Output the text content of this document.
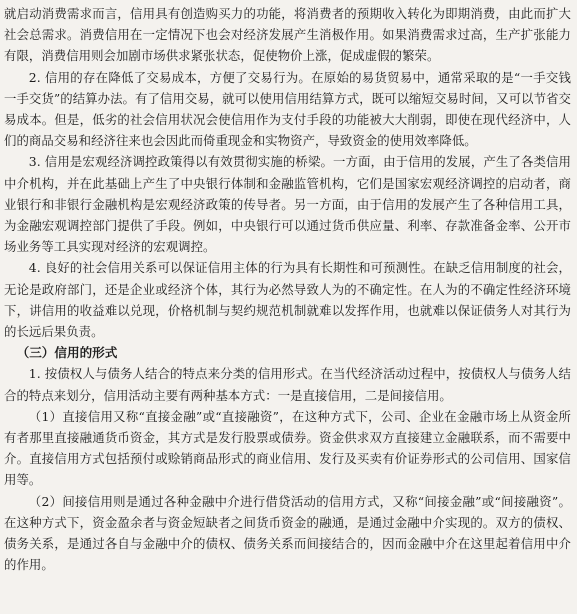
就启动消费需求而言，信用具有创造购买力的功能，将消费者的预期收入转化为即期消费，由此而扩大社会总需求。消费信用在一定情况下也会对经济发展产生消极作用。如果消费需求过高，生产扩张能力有限，消费信用则会加剧市场供求紧张状态，促使物价上涨，促成虚假的繁荣。

2. 信用的存在降低了交易成本，方便了交易行为。在原始的易货贸易中，通常采取的是“一手交钱一手交货”的结算办法。有了信用交易，就可以使用信用结算方式，既可以缩短交易时间，又可以节省交易成本。但是，低劣的社会信用状况会使信用作为支付手段的功能被大大削弱，即使在现代经济中，人们的商品交易和经济往来也会因此而倚重现金和实物资产，导致资金的使用效率降低。

3. 信用是宏观经济调控政策得以有效贯彻实施的桥梁。一方面，由于信用的发展，产生了各类信用中介机构，并在此基础上产生了中央银行体制和金融监管机构，它们是国家宏观经济调控的启动者，商业银行和非银行金融机构是宏观经济政策的传导者。另一方面，由于信用的发展产生了各种信用工具，为金融宏观调控部门提供了手段。例如，中央银行可以通过货币供应量、利率、存款准备金率、公开市场业务等工具实现对经济的宏观调控。

4. 良好的社会信用关系可以保证信用主体的行为具有长期性和可预测性。在缺乏信用制度的社会，无论是政府部门，还是企业或经济个体，其行为必然导致人为的不确定性。在人为的不确定性经济环境下，讲信用的收益难以兑现，价格机制与契约规范机制就难以发挥作用，也就难以保证债务人对其行为的长远后果负责。

（三）信用的形式

1. 按债权人与债务人结合的特点来分类的信用形式。在当代经济活动过程中，按债权人与债务人结合的特点来划分，信用活动主要有两种基本方式：一是直接信用，二是间接信用。

（1）直接信用又称“直接金融”或“直接融资”，在这种方式下，公司、企业在金融市场上从资金所有者那里直接融通货币资金，其方式是发行股票或债券。资金供求双方直接建立金融联系，而不需要中介。直接信用方式包括预付或赊销商品形式的商业信用、发行及买卖有价证券形式的公司信用、国家信用等。

（2）间接信用则是通过各种金融中介进行借贷活动的信用方式，又称“间接金融”或“间接融资”。在这种方式下，资金盈余者与资金短缺者之间货币资金的融通，是通过金融中介实现的。双方的债权、债务关系，是通过各自与金融中介的债权、债务关系而间接结合的，因而金融中介在这里起着信用中介的作用。
